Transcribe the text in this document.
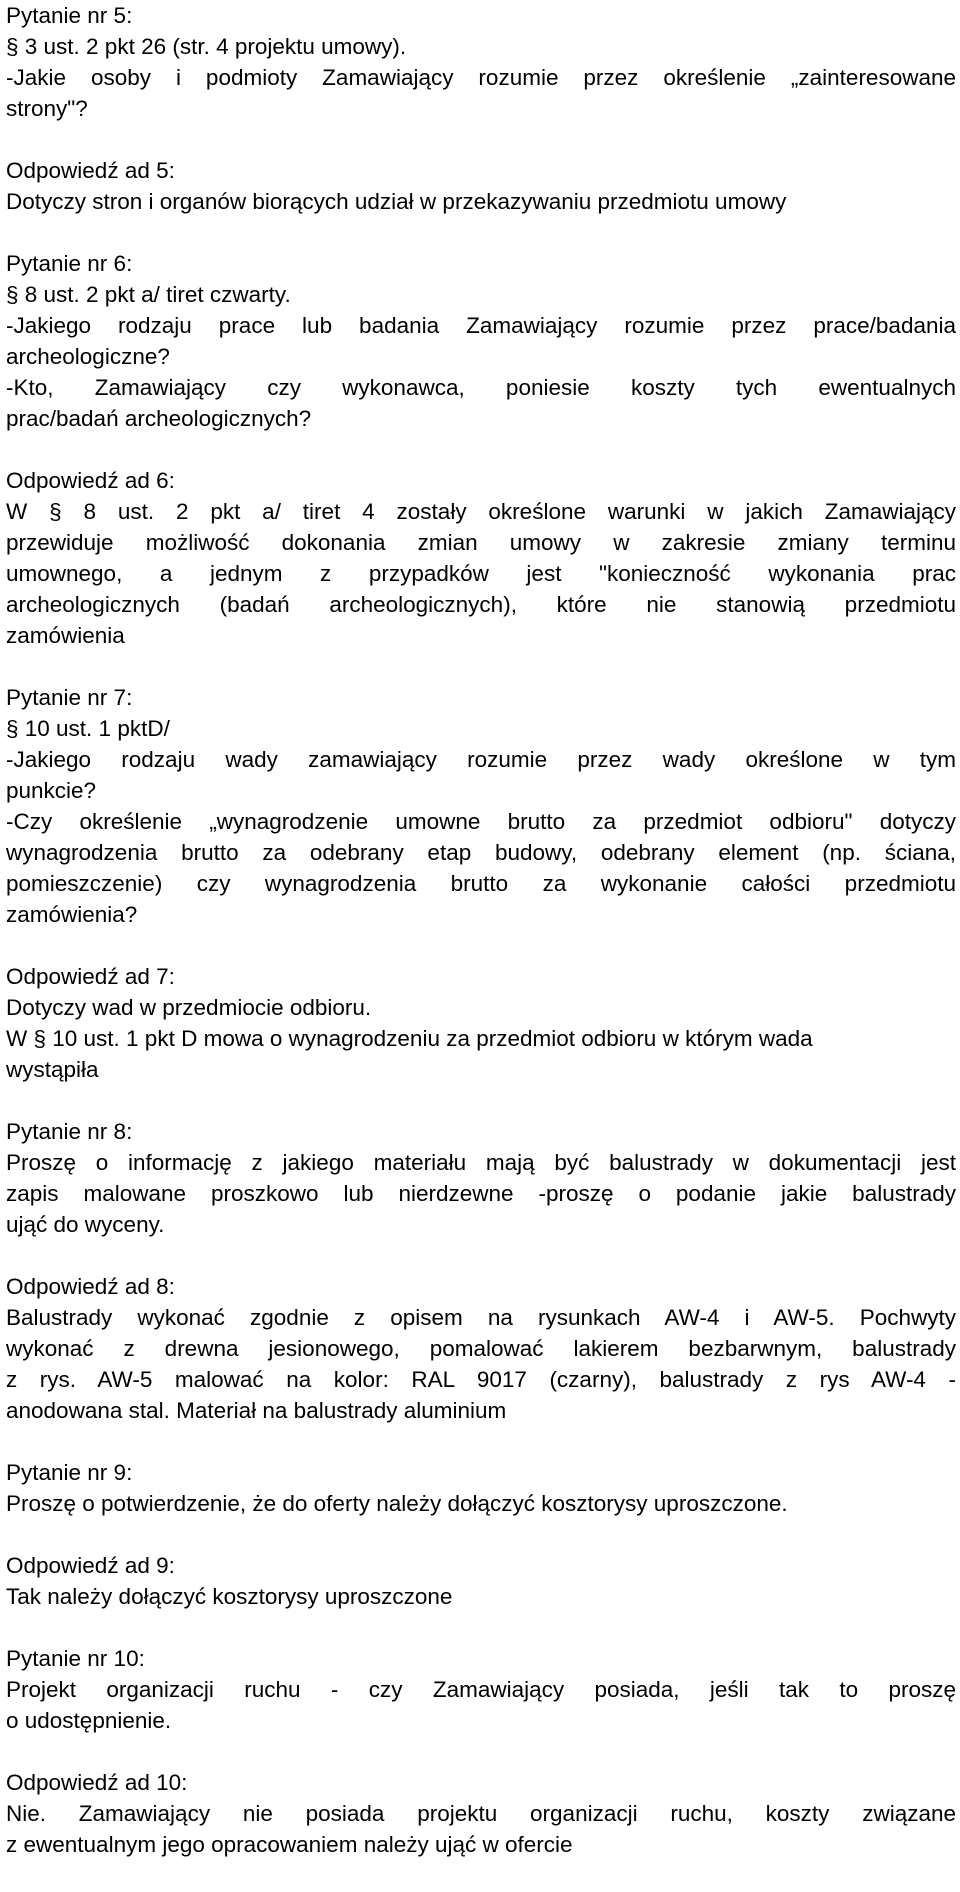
Pytanie nr 5:
§ 3 ust. 2 pkt 26 (str. 4 projektu umowy).
-Jakie osoby i podmioty Zamawiający rozumie przez określenie „zainteresowane
strony"?
Odpowiedź ad 5:
Dotyczy stron i organów biorących udział w przekazywaniu przedmiotu umowy
Pytanie nr 6:
§ 8 ust. 2 pkt a/ tiret czwarty.
-Jakiego rodzaju prace lub badania Zamawiający rozumie przez prace/badania
archeologiczne?
-Kto, Zamawiający czy wykonawca, poniesie koszty tych ewentualnych
prac/badań archeologicznych?
Odpowiedź ad 6:
W § 8 ust. 2 pkt a/ tiret 4 zostały określone warunki w jakich Zamawiający
przewiduje możliwość dokonania zmian umowy w zakresie zmiany terminu
umownego, a jednym z przypadków jest "konieczność wykonania prac
archeologicznych (badań archeologicznych), które nie stanowią przedmiotu
zamówienia
Pytanie nr 7:
§ 10 ust. 1 pktD/
-Jakiego rodzaju wady zamawiający rozumie przez wady określone w tym
punkcie?
-Czy określenie „wynagrodzenie umowne brutto za przedmiot odbioru" dotyczy
wynagrodzenia brutto za odebrany etap budowy, odebrany element (np. ściana,
pomieszczenie) czy wynagrodzenia brutto za wykonanie całości przedmiotu
zamówienia?
Odpowiedź ad 7:
Dotyczy wad w przedmiocie odbioru.
W § 10 ust. 1 pkt D mowa o wynagrodzeniu za przedmiot odbioru w którym wada
wystąpiła
Pytanie nr 8:
Proszę o informację z jakiego materiału mają być balustrady w dokumentacji jest
zapis malowane proszkowo lub nierdzewne -proszę o podanie jakie balustrady
ująć do wyceny.
Odpowiedź ad 8:
Balustrady wykonać zgodnie z opisem na rysunkach AW-4 i AW-5. Pochwyty
wykonać z drewna jesionowego, pomalować lakierem bezbarwnym, balustrady
z rys. AW-5 malować na kolor: RAL 9017 (czarny), balustrady z rys AW-4 -
anodowana stal. Materiał na balustrady aluminium
Pytanie nr 9:
Proszę o potwierdzenie, że do oferty należy dołączyć kosztorysy uproszczone.
Odpowiedź ad 9:
Tak należy dołączyć kosztorysy uproszczone
Pytanie nr 10:
Projekt organizacji ruchu - czy Zamawiający posiada, jeśli tak to proszę
o udostępnienie.
Odpowiedź ad 10:
Nie. Zamawiający nie posiada projektu organizacji ruchu, koszty związane
z ewentualnym jego opracowaniem należy ująć w ofercie
